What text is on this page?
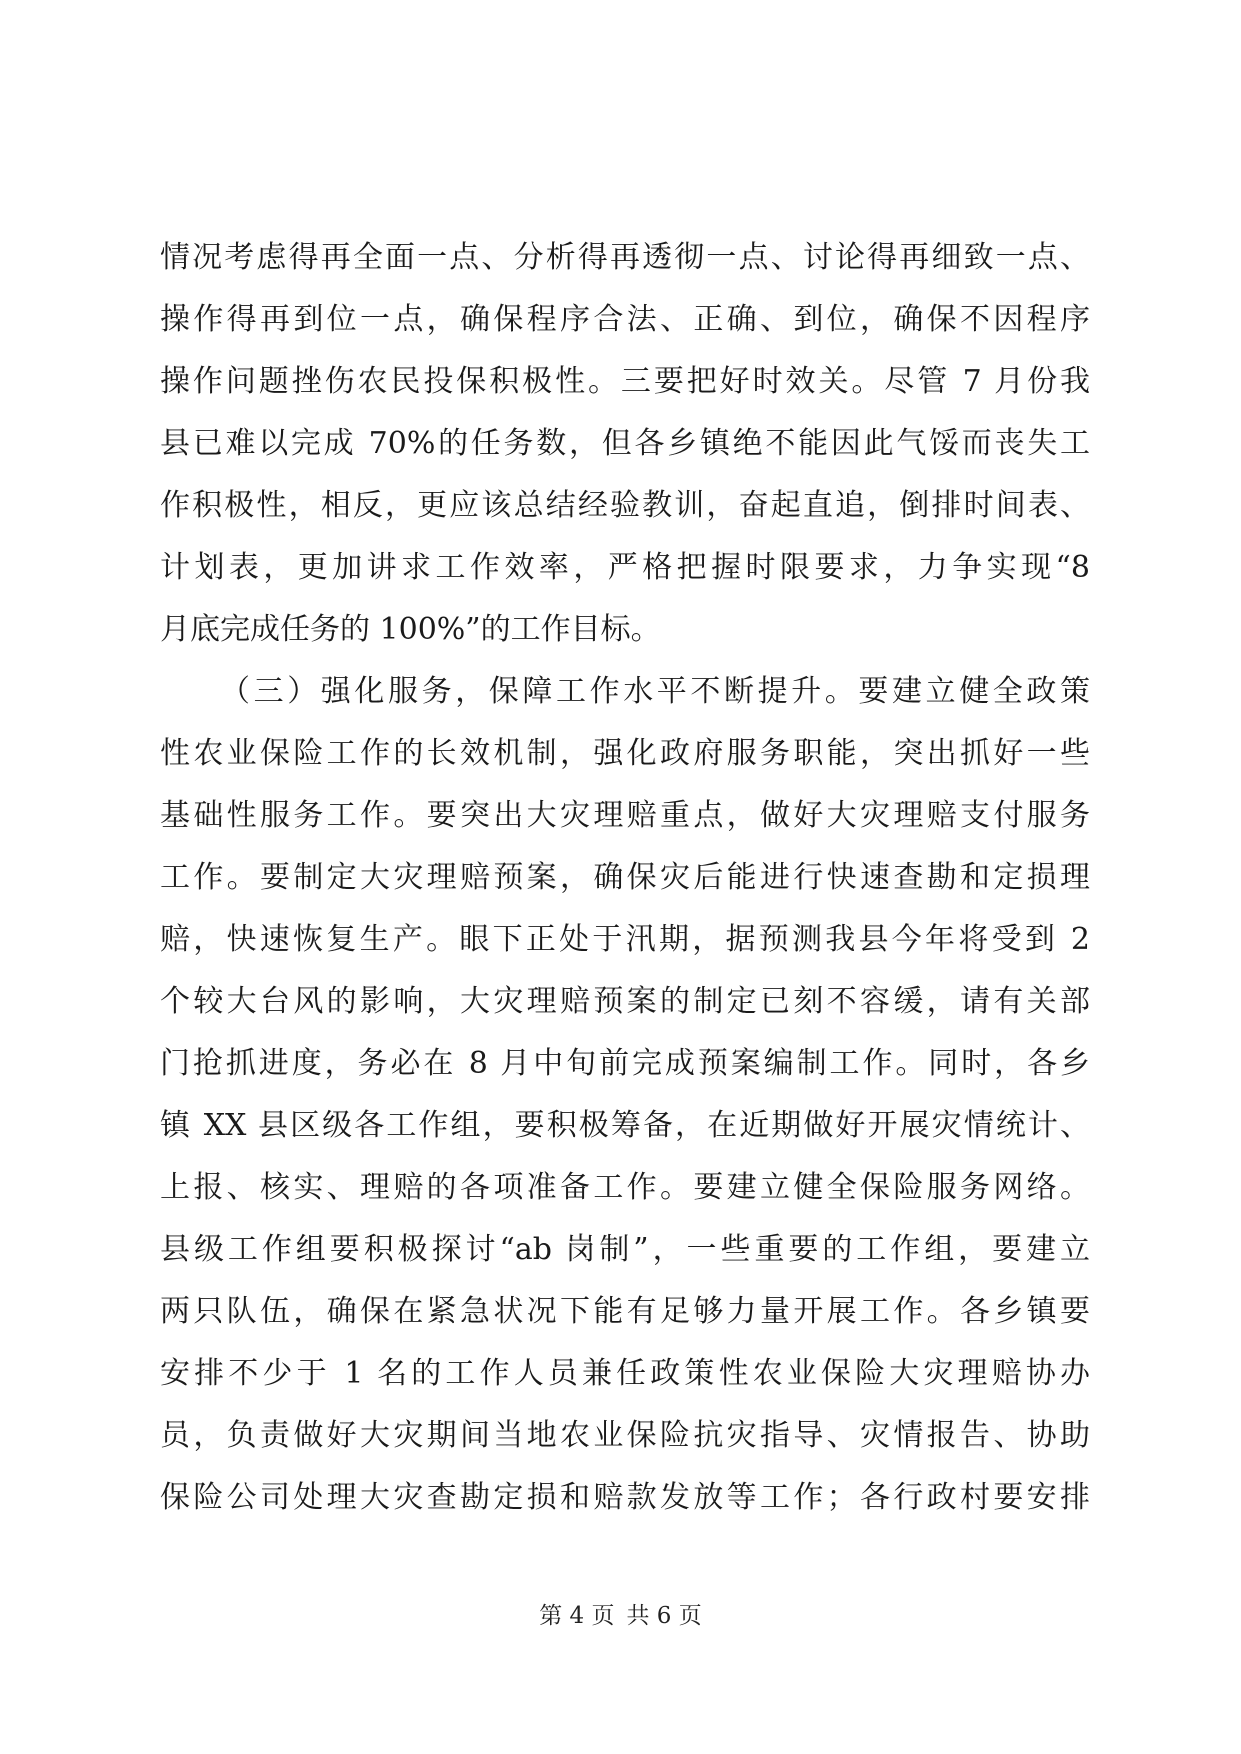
情况考虑得再全面一点、分析得再透彻一点、讨论得再细致一点、
操作得再到位一点，确保程序合法、正确、到位，确保不因程序
操作问题挫伤农民投保积极性。三要把好时效关。尽管 7 月份我
县已难以完成 70%的任务数，但各乡镇绝不能因此气馁而丧失工
作积极性，相反，更应该总结经验教训，奋起直追，倒排时间表、
计划表，更加讲求工作效率，严格把握时限要求，力争实现“8
月底完成任务的 100%”的工作目标。
（三）强化服务，保障工作水平不断提升。要建立健全政策
性农业保险工作的长效机制，强化政府服务职能，突出抓好一些
基础性服务工作。要突出大灾理赔重点，做好大灾理赔支付服务
工作。要制定大灾理赔预案，确保灾后能进行快速查勘和定损理
赔，快速恢复生产。眼下正处于汛期，据预测我县今年将受到 2
个较大台风的影响，大灾理赔预案的制定已刻不容缓，请有关部
门抢抓进度，务必在 8 月中旬前完成预案编制工作。同时，各乡
镇 XX 县区级各工作组，要积极筹备，在近期做好开展灾情统计、
上报、核实、理赔的各项准备工作。要建立健全保险服务网络。
县级工作组要积极探讨“ab 岗制”，一些重要的工作组，要建立
两只队伍，确保在紧急状况下能有足够力量开展工作。各乡镇要
安排不少于 1 名的工作人员兼任政策性农业保险大灾理赔协办
员，负责做好大灾期间当地农业保险抗灾指导、灾情报告、协助
保险公司处理大灾查勘定损和赔款发放等工作；各行政村要安排
第 4 页 共 6 页
